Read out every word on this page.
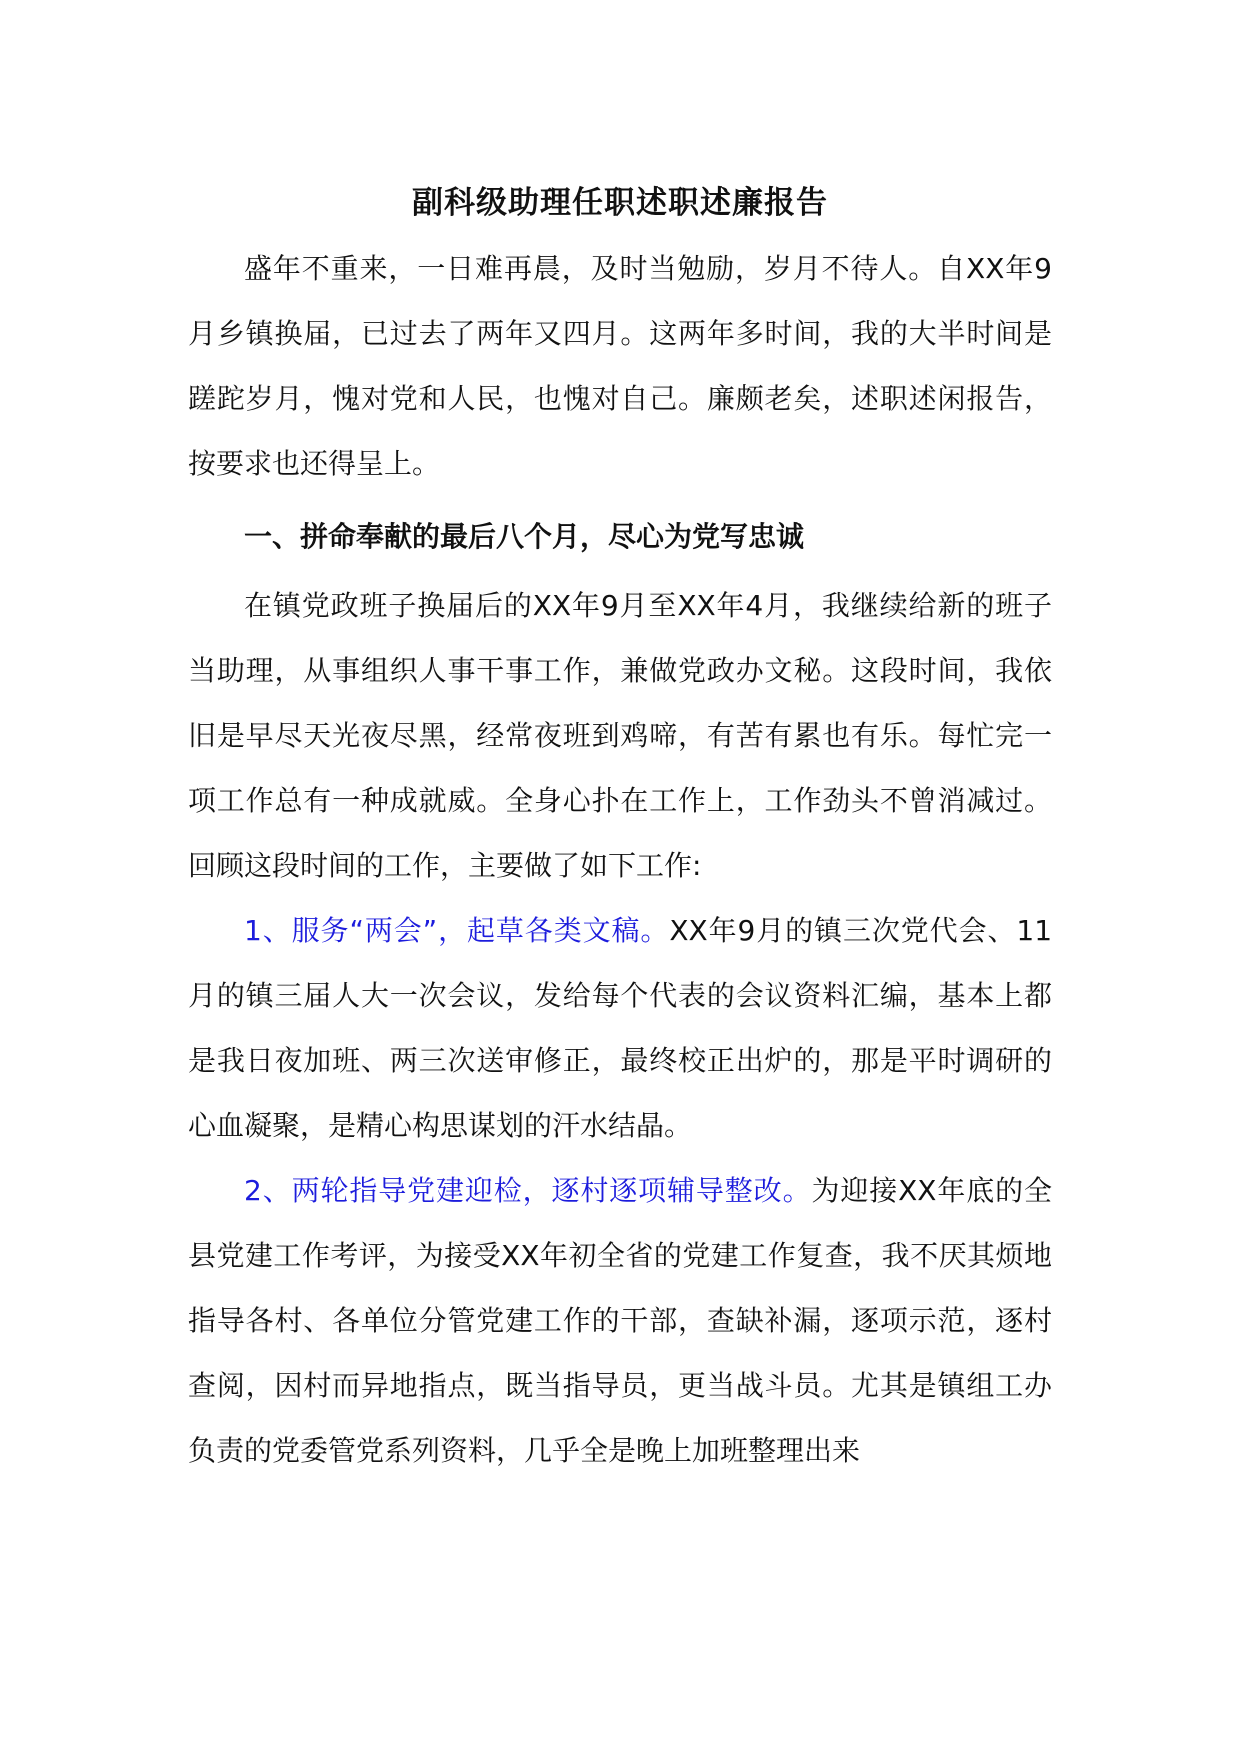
副科级助理任职述职述廉报告

盛年不重来，一日难再晨，及时当勉励，岁月不待人。自XX年9月乡镇换届，已过去了两年又四月。这两年多时间，我的大半时间是蹉跎岁月，愧对党和人民，也愧对自己。廉颇老矣，述职述闲报告，按要求也还得呈上。

一、拼命奉献的最后八个月，尽心为党写忠诚

在镇党政班子换届后的XX年9月至XX年4月，我继续给新的班子当助理，从事组织人事干事工作，兼做党政办文秘。这段时间，我依旧是早尽天光夜尽黑，经常夜班到鸡啼，有苦有累也有乐。每忙完一项工作总有一种成就威。全身心扑在工作上，工作劲头不曾消减过。回顾这段时间的工作，主要做了如下工作:

1、服务“两会”，起草各类文稿。XX年9月的镇三次党代会、11月的镇三届人大一次会议，发给每个代表的会议资料汇编，基本上都是我日夜加班、两三次送审修正，最终校正出炉的，那是平时调研的心血凝聚，是精心构思谋划的汗水结晶。

2、两轮指导党建迎检，逐村逐项辅导整改。为迎接XX年底的全县党建工作考评，为接受XX年初全省的党建工作复查，我不厌其烦地指导各村、各单位分管党建工作的干部，查缺补漏，逐项示范，逐村查阅，因村而异地指点，既当指导员，更当战斗员。尤其是镇组工办负责的党委管党系列资料，几乎全是晚上加班整理出来
